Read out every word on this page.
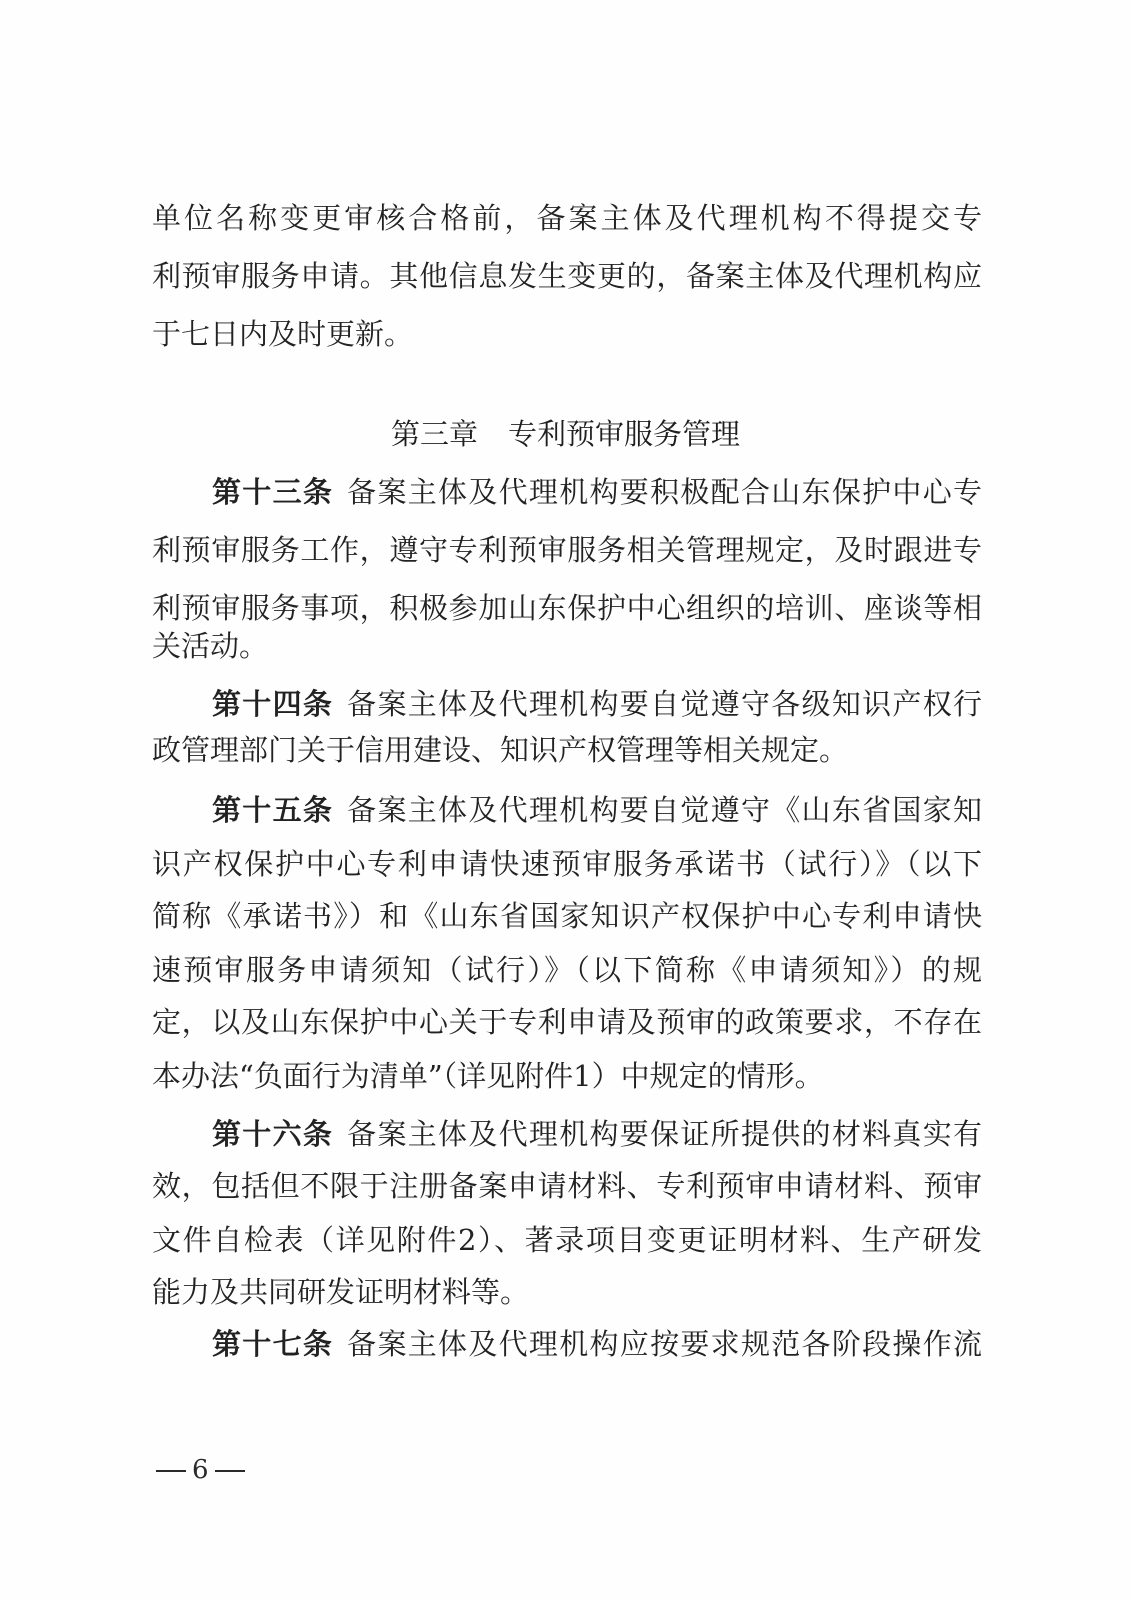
单位名称变更审核合格前，备案主体及代理机构不得提交专
利预审服务申请。其他信息发生变更的，备案主体及代理机构应
于七日内及时更新。
第三章 专利预审服务管理
第十三条 备案主体及代理机构要积极配合山东保护中心专
利预审服务工作，遵守专利预审服务相关管理规定，及时跟进专
利预审服务事项，积极参加山东保护中心组织的培训、座谈等相
关活动。
第十四条 备案主体及代理机构要自觉遵守各级知识产权行
政管理部门关于信用建设、知识产权管理等相关规定。
第十五条 备案主体及代理机构要自觉遵守《山东省国家知
识产权保护中心专利申请快速预审服务承诺书（试行）》（以下
简称《承诺书》）和《山东省国家知识产权保护中心专利申请快
速预审服务申请须知（试行）》（以下简称《申请须知》）的规
定，以及山东保护中心关于专利申请及预审的政策要求，不存在
本办法“负面行为清单”（详见附件1）中规定的情形。
第十六条 备案主体及代理机构要保证所提供的材料真实有
效，包括但不限于注册备案申请材料、专利预审申请材料、预审
文件自检表（详见附件2）、著录项目变更证明材料、生产研发
能力及共同研发证明材料等。
第十七条 备案主体及代理机构应按要求规范各阶段操作流
6
